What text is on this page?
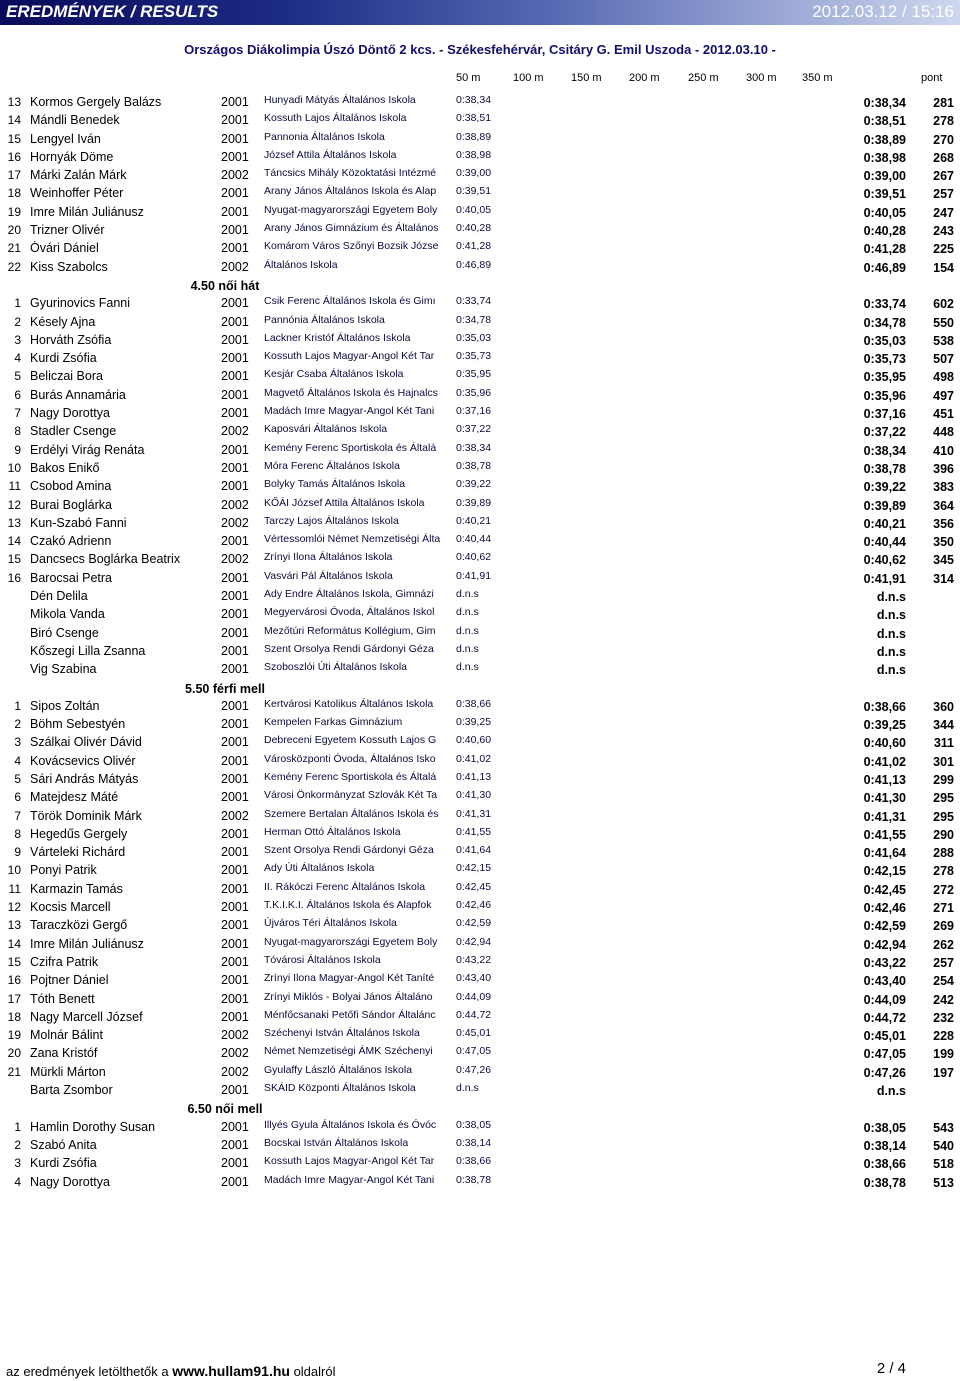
EREDMÉNYEK / RESULTS	2012.03.12 / 15:16
Országos Diákolimpia Úszó Döntő 2 kcs. - Székesfehérvár, Csitáry G. Emil Uszoda - 2012.03.10 -
50 m	100 m 150 m 200 m	250 m 300 m 350 m	pont
13 Kormos Gergely Balázs	2001	Hunyadi Mátyás Általános Iskola	0:38,34	0:38,34	281
14 Mándli Benedek	2001	Kossuth Lajos Általános Iskola	0:38,51	0:38,51	278
15 Lengyel Iván	2001	Pannonia Általános Iskola	0:38,89	0:38,89	270
16 Hornyák Döme	2001	József Attila Általános Iskola	0:38,98	0:38,98	268
17 Márki Zalán Márk	2002	Táncsics Mihály Közoktatási Intézmé	0:39,00	0:39,00	267
18 Weinhoffer Péter	2001	Arany János Általános Iskola és Alap	0:39,51	0:39,51	257
19 Imre Milán Juliánusz	2001	Nyugat-magyarországi Egyetem Boly 0:40,05	0:40,05	247
20 Trizner Olivér	2001	Arany János Gimnázium és Általános 0:40,28	0:40,28	243
21 Óvári Dániel	2001	Komárom Város Szőnyi Bozsik Józse 0:41,28	0:41,28	225
22 Kiss Szabolcs	2002	Általános Iskola	0:46,89	0:46,89	154
4.50 női hát
1 Gyurinovics Fanni	2001	Csik Ferenc Általános Iskola és Gimı	0:33,74	0:33,74	602
2 Késely Ajna	2001	Pannónia Általános Iskola	0:34,78	0:34,78	550
3 Horváth Zsófia	2001	Lackner Kristóf Általános Iskola	0:35,03	0:35,03	538
4 Kurdi Zsófia	2001	Kossuth Lajos Magyar-Angol Két Tar	0:35,73	0:35,73	507
5 Beliczai Bora	2001	Kesjár Csaba Általános Iskola	0:35,95	0:35,95	498
6 Burás Annamária	2001	Magvető Általános Iskola és Hajnalcs 0:35,96	0:35,96	497
7 Nagy Dorottya	2001	Madách Imre Magyar-Angol Két Tani	0:37,16	0:37,16	451
8 Stadler Csenge	2002	Kaposvári Általános Iskola	0:37,22	0:37,22	448
9 Erdélyi Virág Renáta	2001	Kemény Ferenc Sportiskola és Általá	0:38,34	0:38,34	410
10 Bakos Enikő	2001	Móra Ferenc Általános Iskola	0:38,78	0:38,78	396
11 Csobod Amina	2001	Bolyky Tamás Általános Iskola	0:39,22	0:39,22	383
12 Burai Boglárka	2002	KŐÁI József Attila Általános Iskola	0:39,89	0:39,89	364
13 Kun-Szabó Fanni	2002	Tarczy Lajos Általános Iskola	0:40,21	0:40,21	356
14 Czakó Adrienn	2001	Vértessomlói Német Nemzetiségi Álta 0:40,44	0:40,44	350
15 Dancsecs Boglárka Beatrix	2002	Zrínyi Ilona Általános Iskola	0:40,62	0:40,62	345
16 Barocsai Petra	2001	Vasvári Pál Általános Iskola	0:41,91	0:41,91	314
Dén Delila	2001	Ady Endre Általános Iskola, Gimnázi	d.n.s	d.n.s
Mikola Vanda	2001	Megyervárosi Óvoda, Általános Iskol	d.n.s	d.n.s
Biró Csenge	2001	Mezőtúri Református Kollégium, Gim	d.n.s	d.n.s
Kőszegi Lilla Zsanna	2001	Szent Orsolya Rendi Gárdonyi Géza	d.n.s	d.n.s
Vig Szabina	2001	Szoboszlói Úti Általános Iskola	d.n.s	d.n.s
5.50 férfi mell
1 Sipos Zoltán	2001	Kertvárosi Katolikus Általános Iskola	0:38,66	0:38,66	360
2 Böhm Sebestyén	2001	Kempelen Farkas Gimnázium	0:39,25	0:39,25	344
3 Szálkai Olivér Dávid	2001	Debreceni Egyetem Kossuth Lajos G	0:40,60	0:40,60	311
4 Kovácsevics Olivér	2001	Városközponti Óvoda, Általános Isko	0:41,02	0:41,02	301
5 Sári András Mátyás	2001	Kemény Ferenc Sportiskola és Általá	0:41,13	0:41,13	299
6 Matejdesz Máté	2001	Városi Önkormányzat Szlovák Két Ta 0:41,30	0:41,30	295
7 Török Dominik Márk	2002	Szemere Bertalan Általános Iskola és 0:41,31	0:41,31	295
8 Hegedűs Gergely	2001	Herman Ottó Általános Iskola	0:41,55	0:41,55	290
9 Várteleki Richárd	2001	Szent Orsolya Rendi Gárdonyi Géza	0:41,64	0:41,64	288
10 Ponyi Patrik	2001	Ady Úti Általános Iskola	0:42,15	0:42,15	278
11 Karmazin Tamás	2001	II. Rákóczi Ferenc Általános Iskola	0:42,45	0:42,45	272
12 Kocsis Marcell	2001	T.K.I.K.I. Általános Iskola és Alapfok	0:42,46	0:42,46	271
13 Taraczközi Gergő	2001	Újváros Téri Általános Iskola	0:42,59	0:42,59	269
14 Imre Milán Juliánusz	2001	Nyugat-magyarországi Egyetem Boly 0:42,94	0:42,94	262
15 Czifra Patrik	2001	Tóvárosi Általános Iskola	0:43,22	0:43,22	257
16 Pojtner Dániel	2001	Zrínyi Ilona Magyar-Angol Két Taníté	0:43,40	0:43,40	254
17 Tóth Benett	2001	Zrínyi Miklós - Bolyai János Általáno	0:44,09	0:44,09	242
18 Nagy Marcell József	2001	Ménfőcsanaki Petőfi Sándor Általánc	0:44,72	0:44,72	232
19 Molnár Bálint	2002	Széchenyi István Általános Iskola	0:45,01	0:45,01	228
20 Zana Kristóf	2002	Német Nemzetiségi ÁMK Széchenyi	0:47,05	0:47,05	199
21 Mürkli Márton	2002	Gyulaffy László Általános Iskola	0:47,26	0:47,26	197
Barta Zsombor	2001	SKÁID Központi Általános Iskola	d.n.s	d.n.s
6.50 női mell
1 Hamlin Dorothy Susan	2001	Illyés Gyula Általános Iskola és Óvóc	0:38,05	0:38,05	543
2 Szabó Anita	2001	Bocskai István Általános Iskola	0:38,14	0:38,14	540
3 Kurdi Zsófia	2001	Kossuth Lajos Magyar-Angol Két Tar	0:38,66	0:38,66	518
4 Nagy Dorottya	2001	Madách Imre Magyar-Angol Két Tani	0:38,78	0:38,78	513
az eredmények letölthetők a www.hullam91.hu oldalról	2 / 4
